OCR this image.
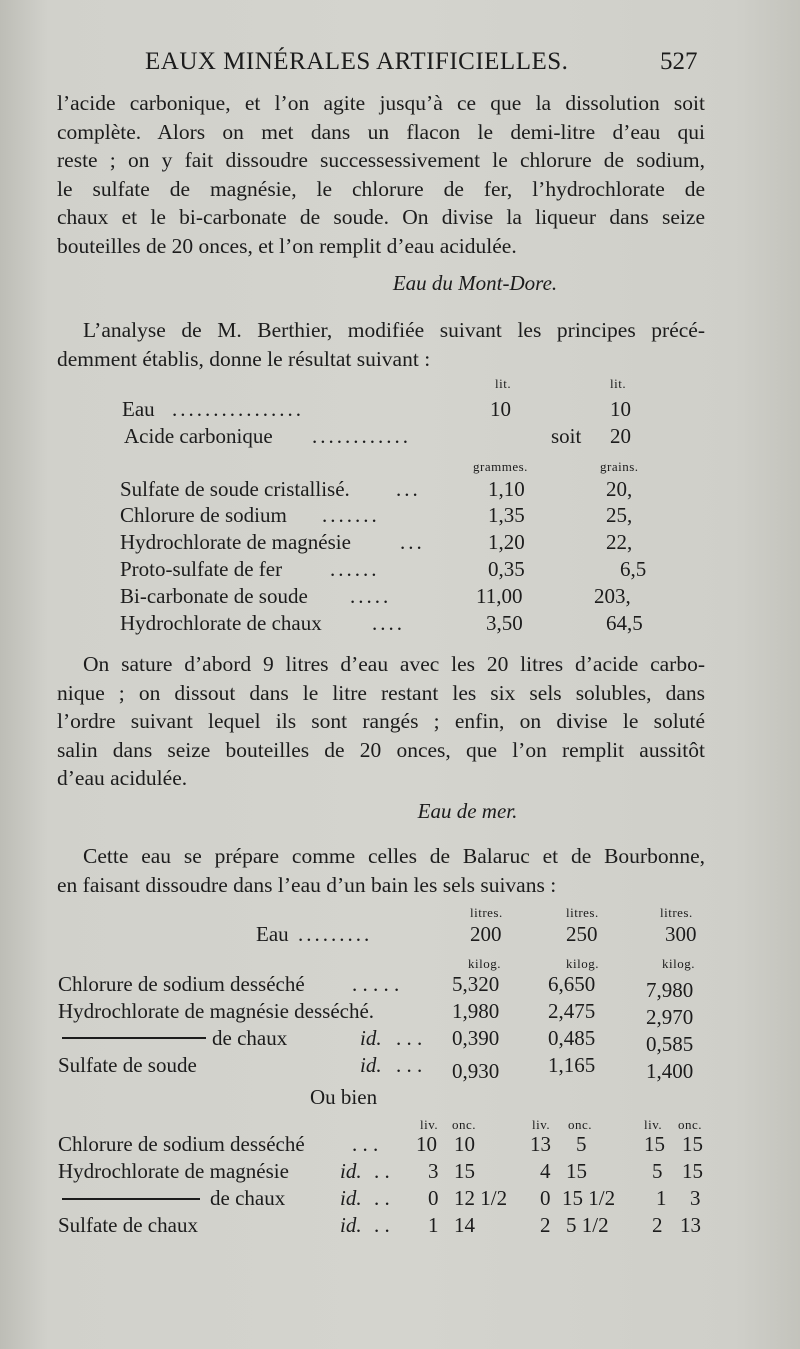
EAUX MINÉRALES ARTIFICIELLES.	527
l’acide carbonique, et l’on agite jusqu’à ce que la dissolution soit
complète. Alors on met dans un flacon le demi-litre d’eau qui
reste ; on y fait dissoudre successessivement le chlorure de sodium,
le sulfate de magnésie, le chlorure de fer, l’hydrochlorate de
chaux et le bi-carbonate de soude. On divise la liqueur dans seize
bouteilles de 20 onces, et l’on remplit d’eau acidulée.
Eau du Mont-Dore.
L’analyse de M. Berthier, modifiée suivant les principes précé-
demment établis, donne le résultat suivant :
lit.	lit.
Eau ................	10	10
Acide carbonique ............	soit 20
grammes.	grains.
Sulfate de soude cristallisé. ...	1,10	20,
Chlorure de sodium .......	1,35	25,
Hydrochlorate de magnésie ...	1,20	22,
Proto-sulfate de fer ......	0,35	6,5
Bi-carbonate de soude .....	11,00	203,
Hydrochlorate de chaux ....	3,50	64,5
On sature d’abord 9 litres d’eau avec les 20 litres d’acide carbo-
nique ; on dissout dans le litre restant les six sels solubles, dans
l’ordre suivant lequel ils sont rangés ; enfin, on divise le soluté
salin dans seize bouteilles de 20 onces, que l’on remplit aussitôt
d’eau acidulée.
Eau de mer.
Cette eau se prépare comme celles de Balaruc et de Bourbonne,
en faisant dissoudre dans l’eau d’un bain les sels suivans :
litres.	litres.	litres.
Eau .........	200	250	300
kilog.	kilog.	kilog.
Chlorure de sodium desséché . . . . .	5,320 6,650 7,980
Hydrochlorate de magnésie desséché.	1,980 2,475 2,970
de chaux	id. . . . 0,390 0,485 0,585
Sulfate de soude	id. . . . 0,930 1,165 1,400
Ou bien
liv. onc.	liv. onc.	liv. onc.
Chlorure de sodium desséché . . . 10 10	13 5	15 15
Hydrochlorate de magnésie id. . . 3 15	4 15	5 15
de chaux	id. . . 0 12 1/2 0 15 1/2 1 3
Sulfate de chaux	id. . . 1 14	2 5 1/2 2 13
